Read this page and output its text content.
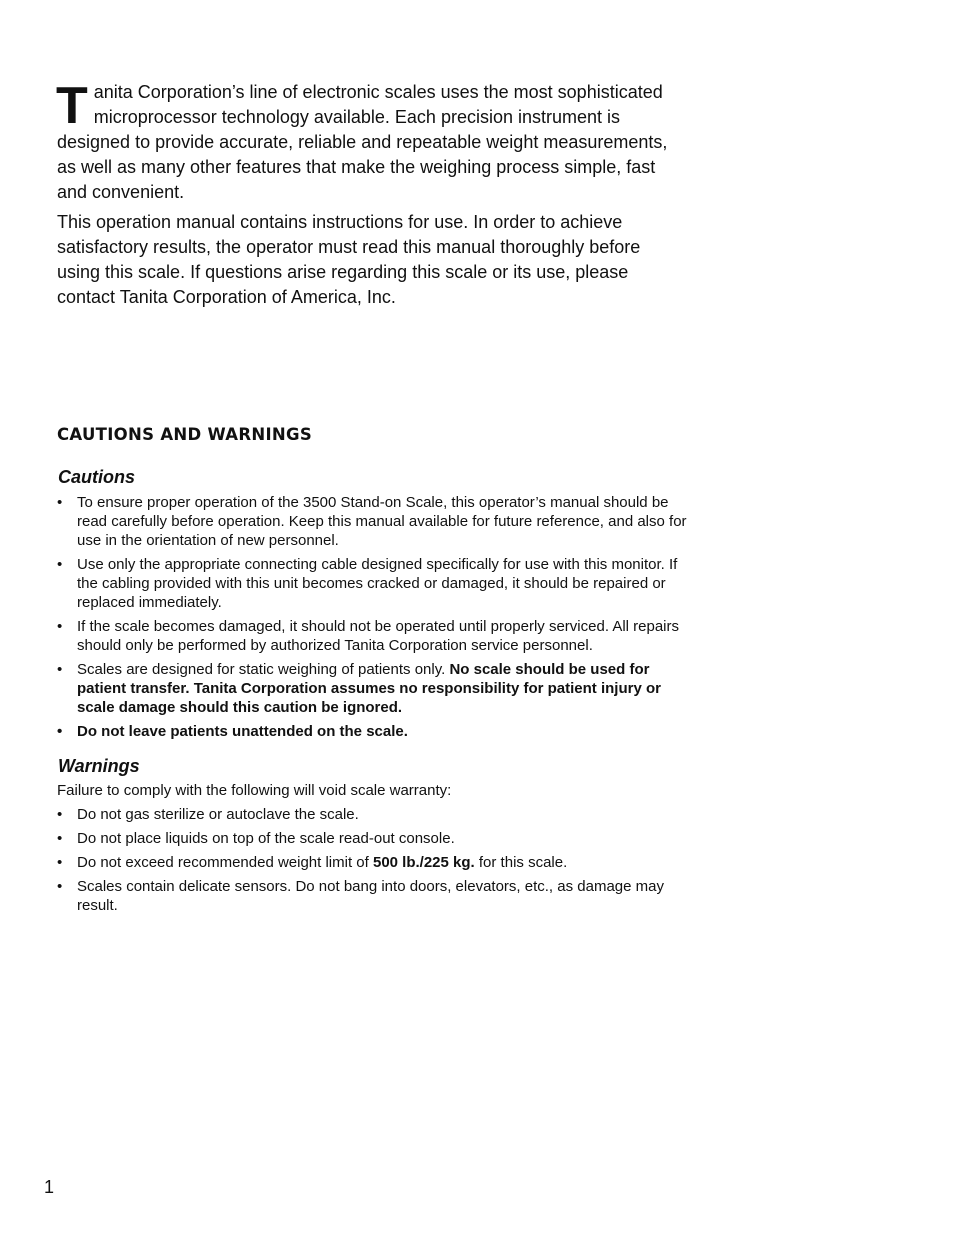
Tanita Corporation’s line of electronic scales uses the most sophisticated microprocessor technology available. Each precision instrument is designed to provide accurate, reliable and repeatable weight measurements, as well as many other features that make the weighing process simple, fast and convenient.

This operation manual contains instructions for use. In order to achieve satisfactory results, the operator must read this manual thoroughly before using this scale. If questions arise regarding this scale or its use, please contact Tanita Corporation of America, Inc.

CAUTIONS AND WARNINGS
Cautions
• To ensure proper operation of the 3500 Stand-on Scale, this operator’s manual should be read carefully before operation. Keep this manual available for future reference, and also for use in the orientation of new personnel.
• Use only the appropriate connecting cable designed specifically for use with this monitor. If the cabling provided with this unit becomes cracked or damaged, it should be repaired or replaced immediately.
• If the scale becomes damaged, it should not be operated until properly serviced. All repairs should only be performed by authorized Tanita Corporation service personnel.
• Scales are designed for static weighing of patients only. No scale should be used for patient transfer. Tanita Corporation assumes no responsibility for patient injury or scale damage should this caution be ignored.
• Do not leave patients unattended on the scale.
Warnings

Failure to comply with the following will void scale warranty:

• Do not gas sterilize or autoclave the scale.
• Do not place liquids on top of the scale read-out console.
• Do not exceed recommended weight limit of 500 lb./225 kg. for this scale.
• Scales contain delicate sensors. Do not bang into doors, elevators, etc., as damage may result.
1
